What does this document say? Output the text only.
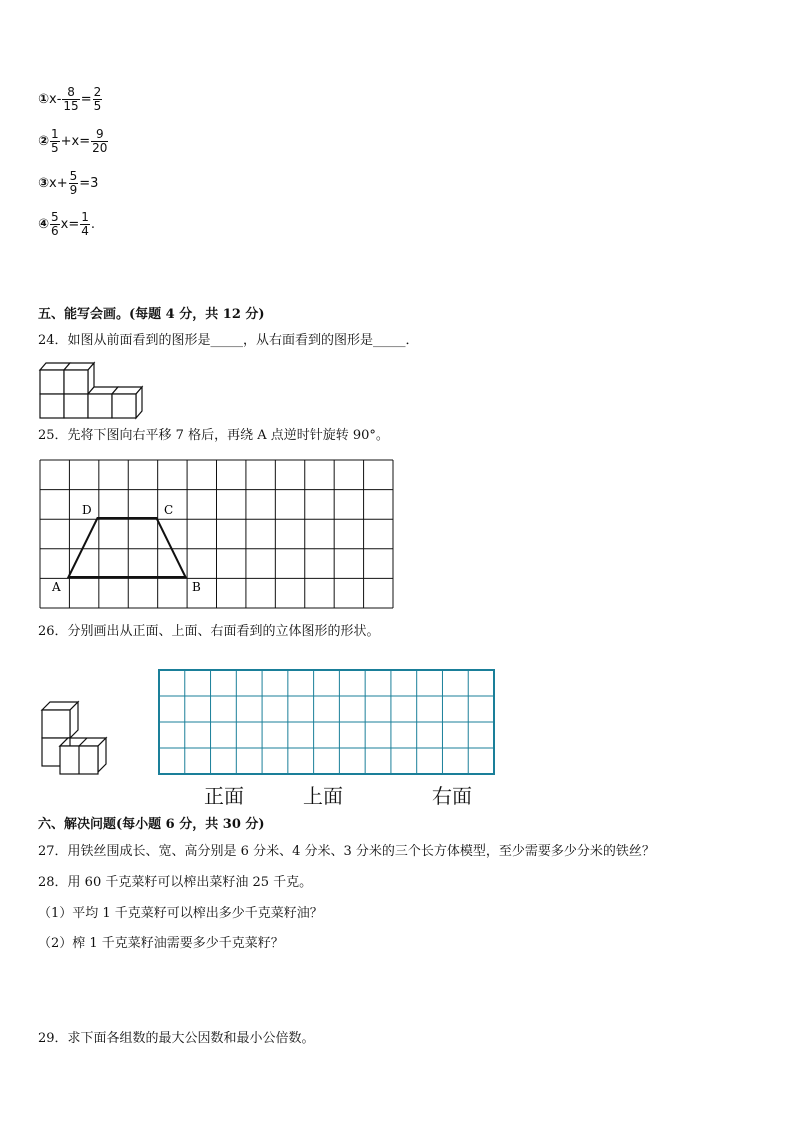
①x- $\frac{8}{15} = \frac{2}{5}$
② $\frac{1}{5} +x= \frac{9}{20}$
③x+ $\frac{5}{9} =3$
④ $\frac{5}{6} x= \frac{1}{4}$ .
五、能写会画。(每题 4 分，共 12 分)
24．如图从前面看到的图形是_____，从右面看到的图形是_____．
25．先将下图向右平移 7 格后，再绕 A 点逆时针旋转 90°。
D	C
A	B
26．分别画出从正面、上面、右面看到的立体图形的形状。
正面	上面	右面
六、解决问题(每小题 6 分，共 30 分)
27．用铁丝围成长、宽、高分别是 6 分米、4 分米、3 分米的三个长方体模型，至少需要多少分米的铁丝？
28．用 60 千克菜籽可以榨出菜籽油 25 千克。
（1）平均 1 千克菜籽可以榨出多少千克菜籽油？
（2）榨 1 千克菜籽油需要多少千克菜籽？
29．求下面各组数的最大公因数和最小公倍数。
